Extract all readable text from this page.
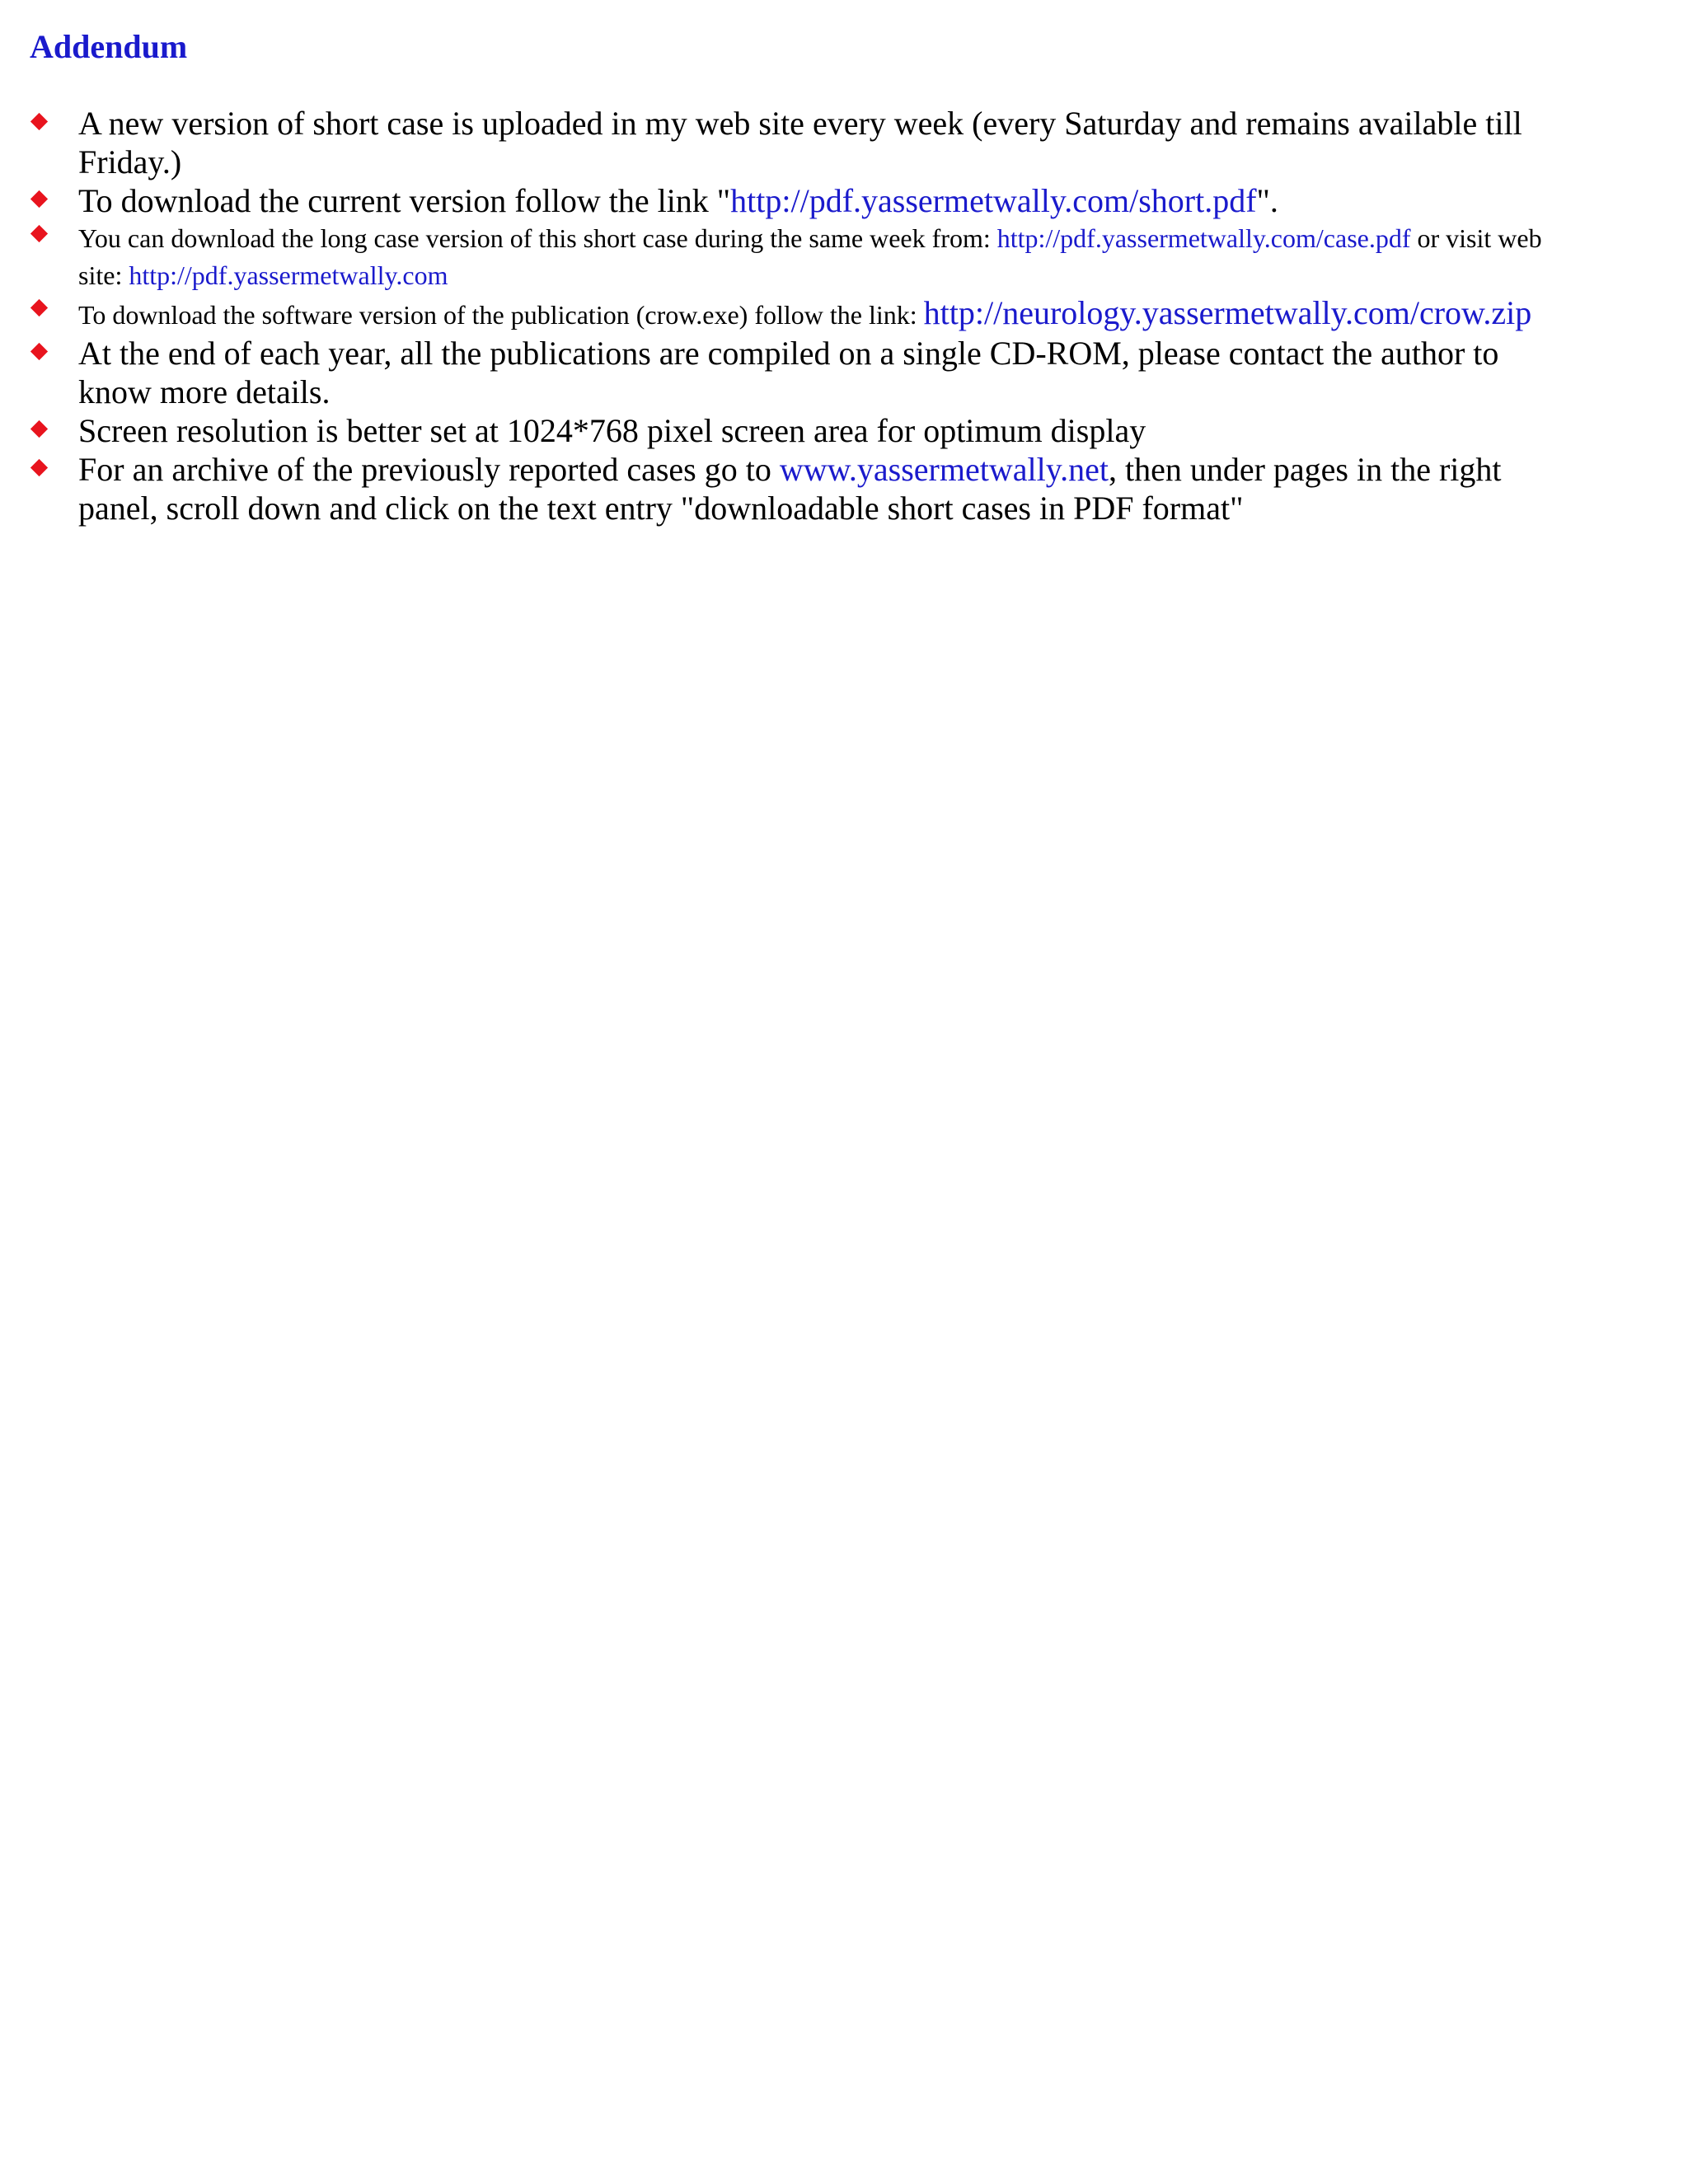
Addendum
A new version of short case is uploaded in my web site every week (every Saturday and remains available till Friday.)
To download the current version follow the link "http://pdf.yassermetwally.com/short.pdf".
You can download the long case version of this short case during the same week from: http://pdf.yassermetwally.com/case.pdf or visit web site: http://pdf.yassermetwally.com
To download the software version of the publication (crow.exe) follow the link: http://neurology.yassermetwally.com/crow.zip
At the end of each year, all the publications are compiled on a single CD-ROM, please contact the author to know more details.
Screen resolution is better set at 1024*768 pixel screen area for optimum display
For an archive of the previously reported cases go to www.yassermetwally.net, then under pages in the right panel, scroll down and click on the text entry "downloadable short cases in PDF format"
